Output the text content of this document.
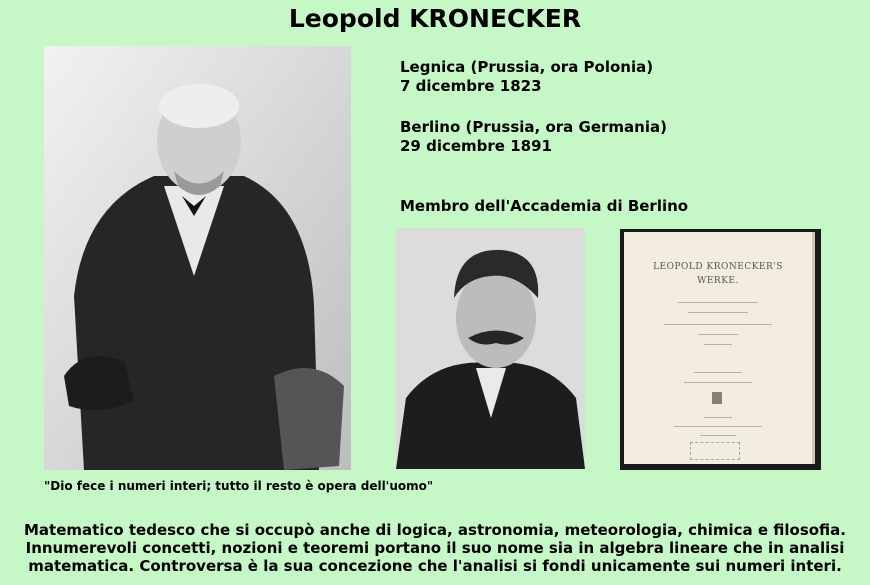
Leopold KRONECKER
Legnica (Prussia, ora Polonia)
7 dicembre 1823
Berlino (Prussia, ora Germania)
29 dicembre 1891
Membro dell'Accademia di Berlino
LEOPOLD KRONECKER'S
WERKE.
"Dio fece i numeri interi; tutto il resto è opera dell'uomo"
Matematico tedesco che si occupò anche di logica, astronomia, meteorologia, chimica e filosofia.
Innumerevoli concetti, nozioni e teoremi portano il suo nome sia in algebra lineare che in analisi
matematica. Controversa è la sua concezione che l'analisi si fondi unicamente sui numeri interi.
